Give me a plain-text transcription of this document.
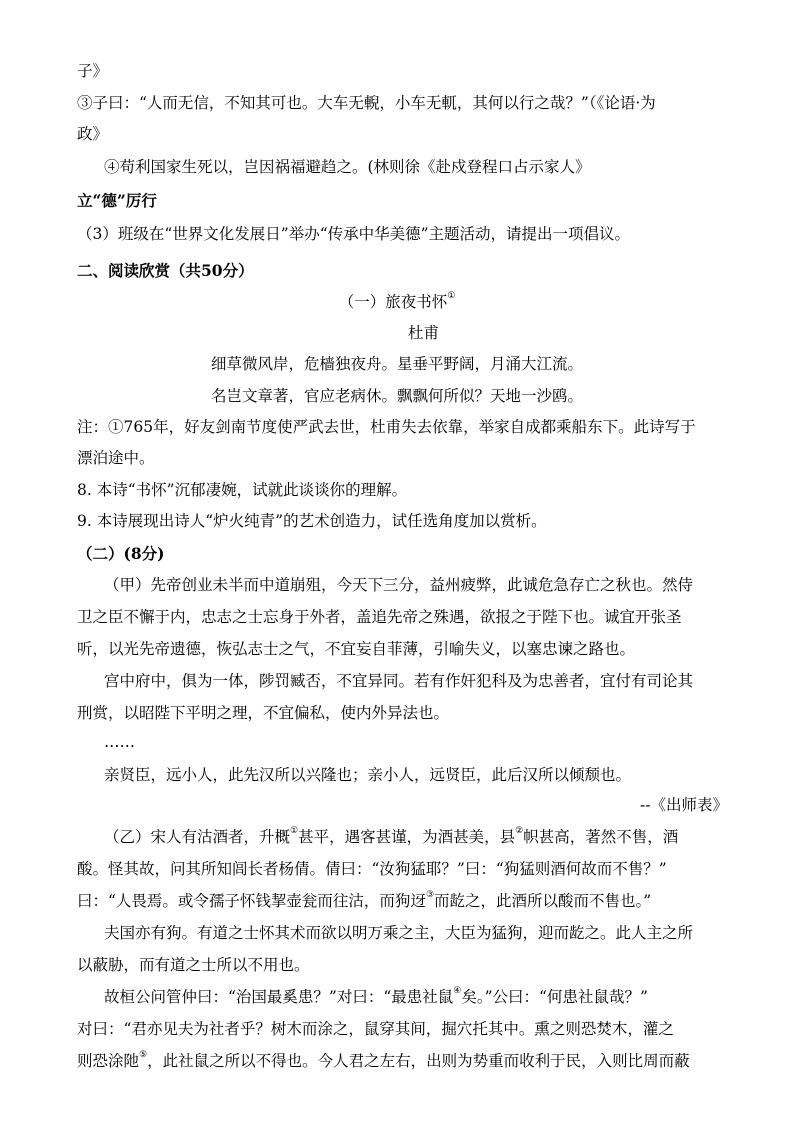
子》
③子曰：“人而无信，不知其可也。大车无輗，小车无軏，其何以行之哉？”（《论语·为
政》
④苟利国家生死以，岂因祸福避趋之。(林则徐《赴戍登程口占示家人》
立“德”厉行
（3）班级在“世界文化发展日”举办“传承中华美德”主题活动，请提出一项倡议。
二、阅读欣赏（共50分）
（一）旅夜书怀①
杜甫
细草微风岸，危樯独夜舟。星垂平野阔，月涌大江流。
名岂文章著，官应老病休。飘飘何所似？天地一沙鸥。
注：①765年，好友剑南节度使严武去世，杜甫失去依靠，举家自成都乘船东下。此诗写于
漂泊途中。
8. 本诗“书怀”沉郁凄婉，试就此谈谈你的理解。
9. 本诗展现出诗人“炉火纯青”的艺术创造力，试任选角度加以赏析。
（二）(8分)
（甲）先帝创业未半而中道崩殂，今天下三分，益州疲弊，此诚危急存亡之秋也。然侍
卫之臣不懈于内，忠志之士忘身于外者，盖追先帝之殊遇，欲报之于陛下也。诚宜开张圣
听，以光先帝遗德，恢弘志士之气，不宜妄自菲薄，引喻失义，以塞忠谏之路也。
宫中府中，俱为一体，陟罚臧否，不宜异同。若有作奸犯科及为忠善者，宜付有司论其
刑赏，以昭陛下平明之理，不宜偏私，使内外异法也。
……
亲贤臣，远小人，此先汉所以兴隆也；亲小人，远贤臣，此后汉所以倾颓也。
--《出师表》
（乙）宋人有沽酒者，升概①甚平，遇客甚谨，为酒甚美，县②帜甚高，著然不售，酒
酸。怪其故，问其所知闾长者杨倩。倩曰：“汝狗猛耶？”曰：“狗猛则酒何故而不售？”
曰：“人畏焉。或令孺子怀钱挈壶瓮而往沽，而狗迓③而龁之，此酒所以酸而不售也。”
夫国亦有狗。有道之士怀其术而欲以明万乘之主，大臣为猛狗，迎而龁之。此人主之所
以蔽胁，而有道之士所以不用也。
故桓公问管仲曰：“治国最奚患？”对曰：“最患社鼠④矣。”公曰：“何患社鼠哉？”
对曰：“君亦见夫为社者乎？树木而涂之，鼠穿其间，掘穴托其中。熏之则恐焚木，灌之
则恐涂阤⑤，此社鼠之所以不得也。今人君之左右，出则为势重而收利于民，入则比周而蔽
